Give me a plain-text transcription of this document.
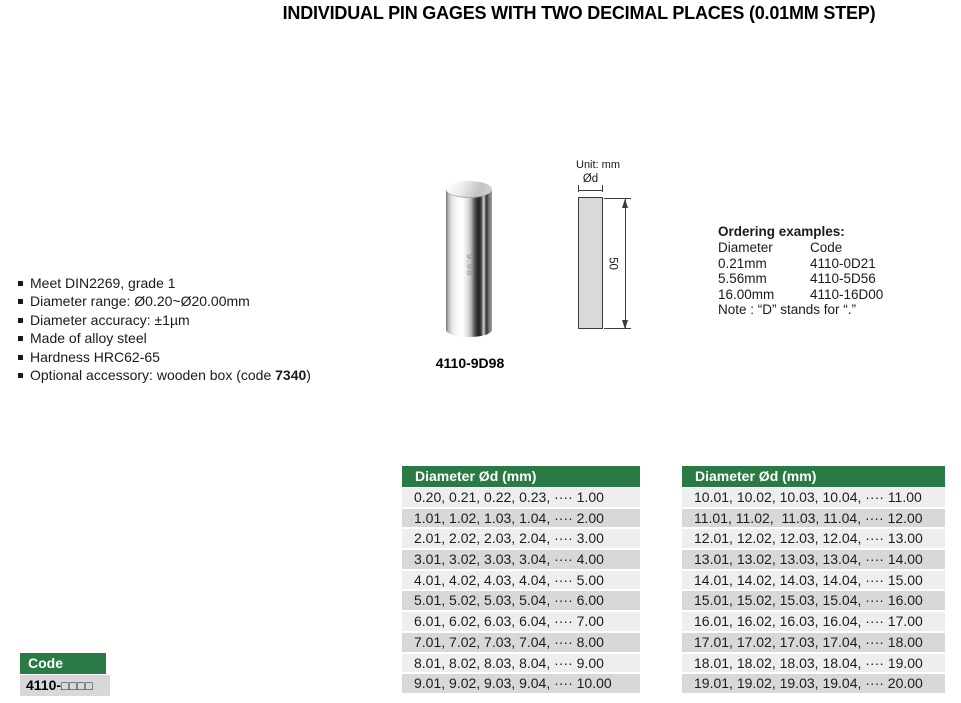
INDIVIDUAL PIN GAGES WITH TWO DECIMAL PLACES (0.01MM STEP)
Meet DIN2269, grade 1
Diameter range: Ø0.20~Ø20.00mm
Diameter accuracy: ±1µm
Made of alloy steel
Hardness HRC62-65
Optional accessory: wooden box (code 7340)
9.98
4110-9D98
Unit: mm
Ød
50
Ordering examples:
Diameter	Code
0.21mm	4110-0D21
5.56mm	4110-5D56
16.00mm	4110-16D00
Note : “D” stands for “.”
Code
4110-□□□□
Diameter Ød (mm)
0.20, 0.21, 0.22, 0.23, ···· 1.00
1.01, 1.02, 1.03, 1.04, ···· 2.00
2.01, 2.02, 2.03, 2.04, ···· 3.00
3.01, 3.02, 3.03, 3.04, ···· 4.00
4.01, 4.02, 4.03, 4.04, ···· 5.00
5.01, 5.02, 5.03, 5.04, ···· 6.00
6.01, 6.02, 6.03, 6.04, ···· 7.00
7.01, 7.02, 7.03, 7.04, ···· 8.00
8.01, 8.02, 8.03, 8.04, ···· 9.00
9.01, 9.02, 9.03, 9.04, ···· 10.00
Diameter Ød (mm)
10.01, 10.02, 10.03, 10.04, ···· 11.00
11.01, 11.02,  11.03, 11.04, ···· 12.00
12.01, 12.02, 12.03, 12.04, ···· 13.00
13.01, 13.02, 13.03, 13.04, ···· 14.00
14.01, 14.02, 14.03, 14.04, ···· 15.00
15.01, 15.02, 15.03, 15.04, ···· 16.00
16.01, 16.02, 16.03, 16.04, ···· 17.00
17.01, 17.02, 17.03, 17.04, ···· 18.00
18.01, 18.02, 18.03, 18.04, ···· 19.00
19.01, 19.02, 19.03, 19.04, ···· 20.00
